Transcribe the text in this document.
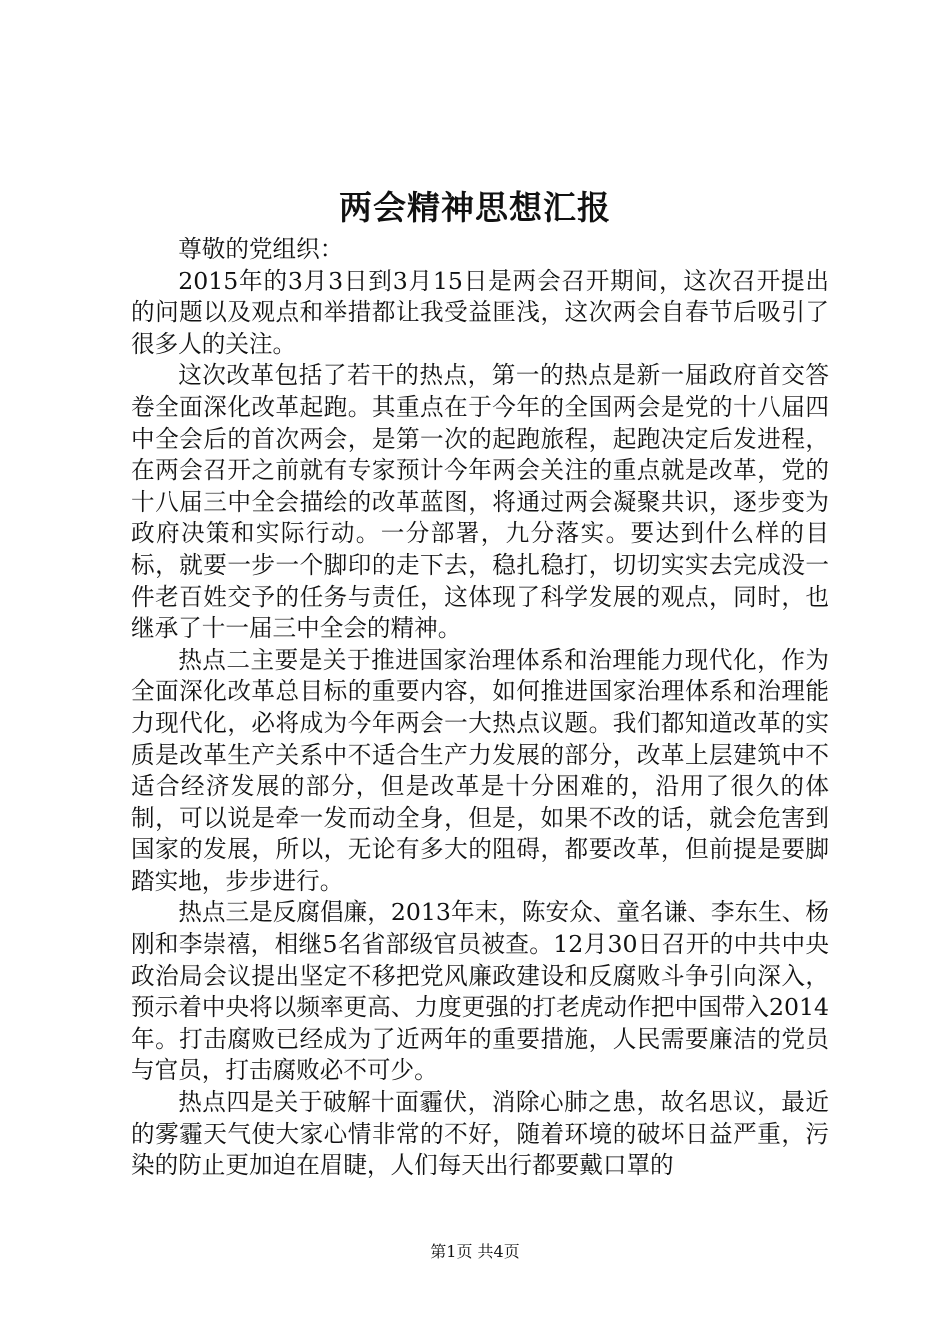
两会精神思想汇报

尊敬的党组织：

2015年的3月3日到3月15日是两会召开期间，这次召开提出的问题以及观点和举措都让我受益匪浅，这次两会自春节后吸引了很多人的关注。

这次改革包括了若干的热点，第一的热点是新一届政府首交答卷全面深化改革起跑。其重点在于今年的全国两会是党的十八届四中全会后的首次两会，是第一次的起跑旅程，起跑决定后发进程，在两会召开之前就有专家预计今年两会关注的重点就是改革，党的十八届三中全会描绘的改革蓝图，将通过两会凝聚共识，逐步变为政府决策和实际行动。一分部署，九分落实。要达到什么样的目标，就要一步一个脚印的走下去，稳扎稳打，切切实实去完成没一件老百姓交予的任务与责任，这体现了科学发展的观点，同时，也继承了十一届三中全会的精神。

热点二主要是关于推进国家治理体系和治理能力现代化，作为全面深化改革总目标的重要内容，如何推进国家治理体系和治理能力现代化，必将成为今年两会一大热点议题。我们都知道改革的实质是改革生产关系中不适合生产力发展的部分，改革上层建筑中不适合经济发展的部分，但是改革是十分困难的，沿用了很久的体制，可以说是牵一发而动全身，但是，如果不改的话，就会危害到国家的发展，所以，无论有多大的阻碍，都要改革，但前提是要脚踏实地，步步进行。

热点三是反腐倡廉，2013年末，陈安众、童名谦、李东生、杨刚和李崇禧，相继5名省部级官员被查。12月30日召开的中共中央政治局会议提出坚定不移把党风廉政建设和反腐败斗争引向深入，预示着中央将以频率更高、力度更强的打老虎动作把中国带入2014年。打击腐败已经成为了近两年的重要措施，人民需要廉洁的党员与官员，打击腐败必不可少。

热点四是关于破解十面霾伏，消除心肺之患，故名思议，最近的雾霾天气使大家心情非常的不好，随着环境的破坏日益严重，污染的防止更加迫在眉睫，人们每天出行都要戴口罩的

第1页 共4页
